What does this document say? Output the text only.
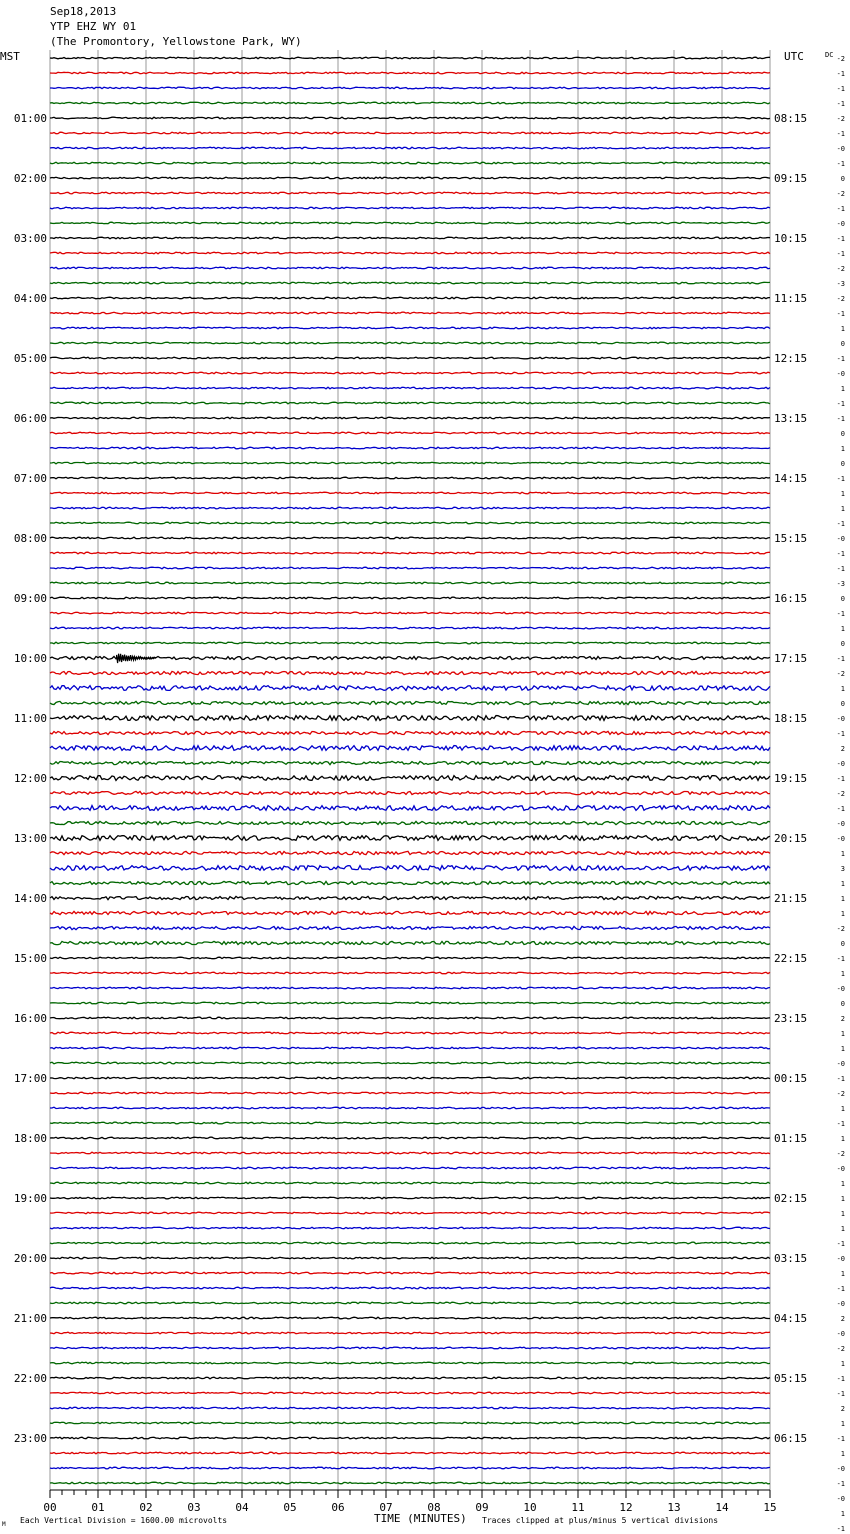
Sep18,2013
YTP EHZ WY 01
(The Promontory, Yellowstone Park, WY)
01:00	08:15
02:00	09:15
03:00	10:15
04:00	11:15
05:00	12:15
06:00	13:15
07:00	14:15
08:00	15:15
09:00	16:15
10:00	17:15
11:00	18:15
12:00	19:15
13:00	20:15
14:00	21:15
15:00	22:15
16:00	23:15
17:00	00:15
18:00	01:15
19:00	02:15
20:00	03:15
21:00	04:15
22:00	05:15
23:00	06:15
-2
-1
-1
-1
-2
-1
-0
-1
0
-2
-1
-0
-1
-1
-2
-3
-2
-1
1
0
-1
-0
1
-1
-1
0
1
0
-1
1
1
-1
-0
-1
-1
-3
0
-1
1
0
-1
-2
1
0
-0
-1
2
-0
-1
-2
-1
-0
-0
1
3
1
1
1
-2
0
-1
1
-0
0
2
1
1
-0
-1
-2
1
-1
1
-2
-0
1
1
1
1
-1
-0
1
-1
-0
2
-0
-2
1
-1
-1
2
1
-1
1
-0
-1
-0
1
-1
00	01	02	03	04	05	06	07	08	09	10	11	12	13	14	15
MST	UTC	DC
TIME (MINUTES)
Each Vertical Division = 1600.00 microvolts	Traces clipped at plus/minus 5 vertical divisions
M
